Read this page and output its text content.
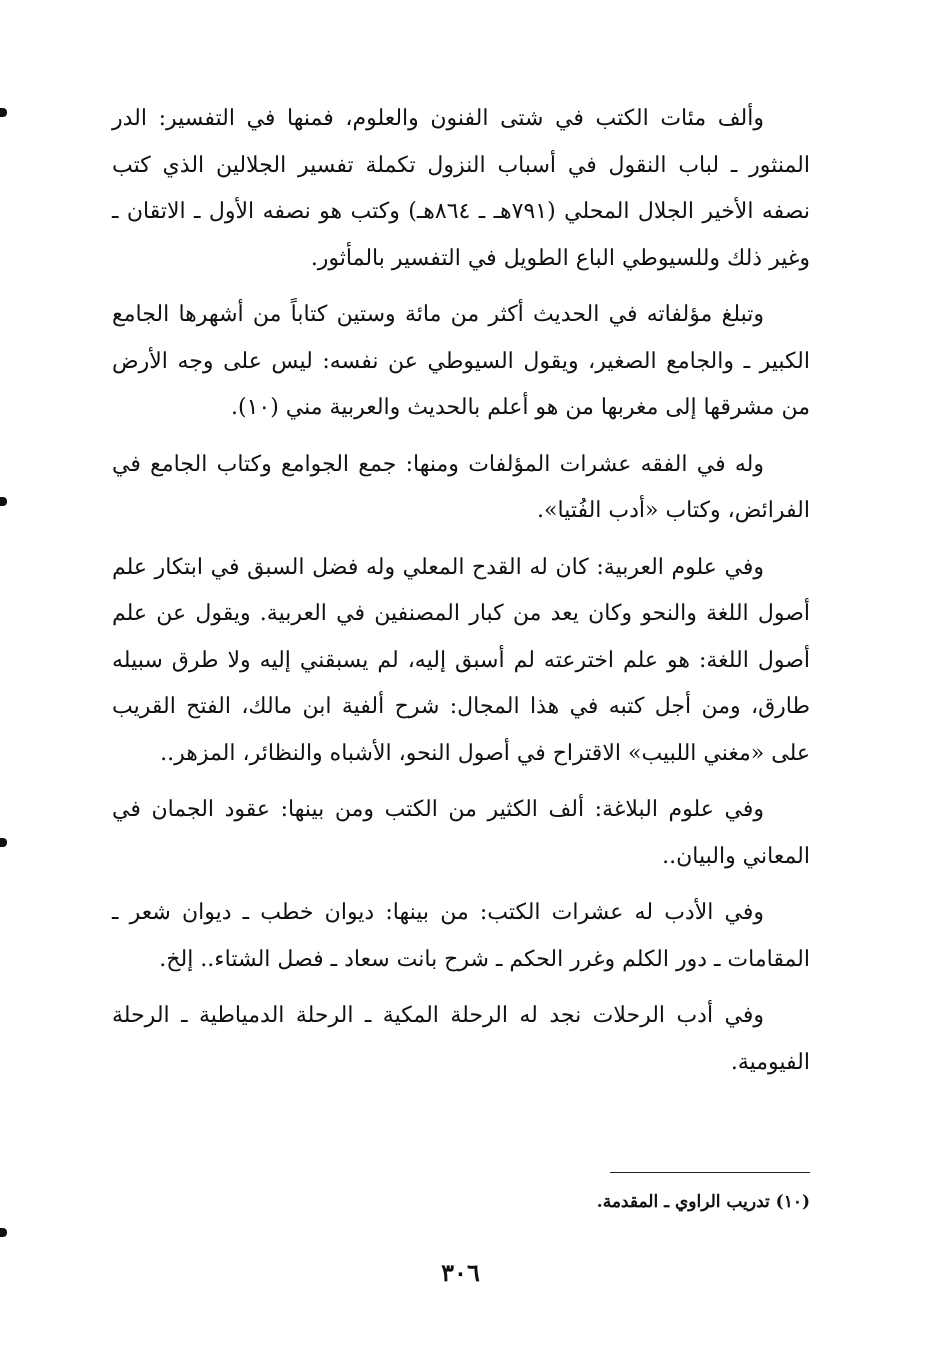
وألف مئات الكتب في شتى الفنون والعلوم، فمنها في التفسير: الدر المنثور ـ لباب النقول في أسباب النزول تكملة تفسير الجلالين الذي كتب نصفه الأخير الجلال المحلي (٧٩١هـ ـ ٨٦٤هـ) وكتب هو نصفه الأول ـ الاتقان ـ وغير ذلك وللسيوطي الباع الطويل في التفسير بالمأثور.

وتبلغ مؤلفاته في الحديث أكثر من مائة وستين كتاباً من أشهرها الجامع الكبير ـ والجامع الصغير، ويقول السيوطي عن نفسه: ليس على وجه الأرض من مشرقها إلى مغربها من هو أعلم بالحديث والعربية مني (١٠).

وله في الفقه عشرات المؤلفات ومنها: جمع الجوامع وكتاب الجامع في الفرائض، وكتاب «أدب الفُتيا».

وفي علوم العربية: كان له القدح المعلي وله فضل السبق في ابتكار علم أصول اللغة والنحو وكان يعد من كبار المصنفين في العربية. ويقول عن علم أصول اللغة: هو علم اخترعته لم أسبق إليه، لم يسبقني إليه ولا طرق سبيله طارق، ومن أجل كتبه في هذا المجال: شرح ألفية ابن مالك، الفتح القريب على «مغني اللبيب» الاقتراح في أصول النحو، الأشباه والنظائر، المزهر..

وفي علوم البلاغة: ألف الكثير من الكتب ومن بينها: عقود الجمان في المعاني والبيان..

وفي الأدب له عشرات الكتب: من بينها: ديوان خطب ـ ديوان شعر ـ المقامات ـ دور الكلم وغرر الحكم ـ شرح بانت سعاد ـ فصل الشتاء.. إلخ.

وفي أدب الرحلات نجد له الرحلة المكية ـ الرحلة الدمياطية ـ الرحلة الفيومية.

(١٠) تدريب الراوي ـ المقدمة.
٣٠٦
